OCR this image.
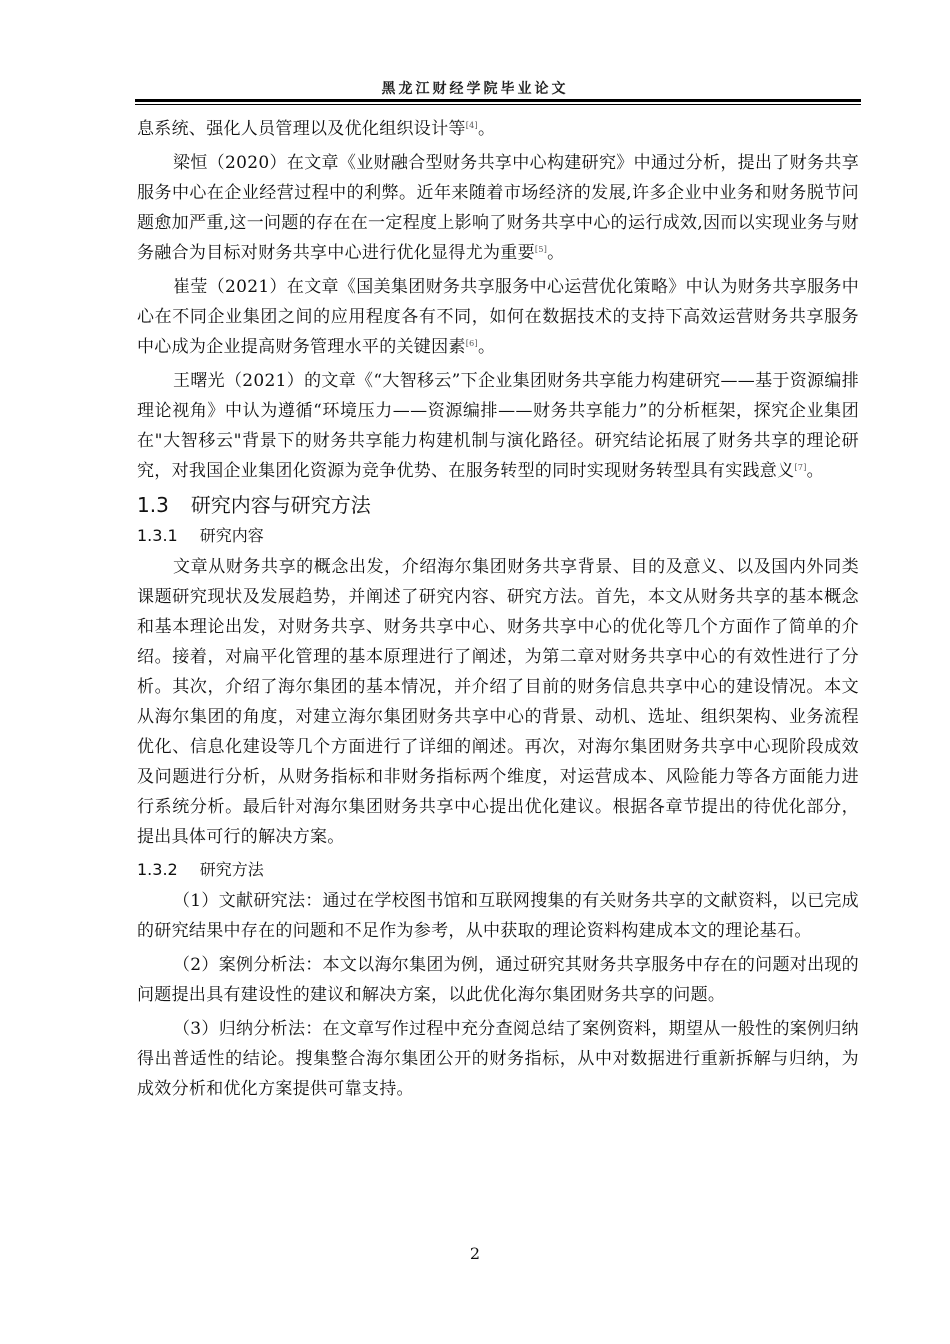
黑龙江财经学院毕业论文

息系统、强化人员管理以及优化组织设计等[4]。

梁恒（2020）在文章《业财融合型财务共享中心构建研究》中通过分析，提出了财务共享服务中心在企业经营过程中的利弊。近年来随着市场经济的发展,许多企业中业务和财务脱节问题愈加严重,这一问题的存在在一定程度上影响了财务共享中心的运行成效,因而以实现业务与财务融合为目标对财务共享中心进行优化显得尤为重要[5]。

崔莹（2021）在文章《国美集团财务共享服务中心运营优化策略》中认为财务共享服务中心在不同企业集团之间的应用程度各有不同，如何在数据技术的支持下高效运营财务共享服务中心成为企业提高财务管理水平的关键因素[6]。

王曙光（2021）的文章《“大智移云”下企业集团财务共享能力构建研究——基于资源编排理论视角》中认为遵循“环境压力——资源编排——财务共享能力”的分析框架，探究企业集团在"大智移云"背景下的财务共享能力构建机制与演化路径。研究结论拓展了财务共享的理论研究，对我国企业集团化资源为竞争优势、在服务转型的同时实现财务转型具有实践意义[7]。

1.3 研究内容与研究方法
1.3.1 研究内容

文章从财务共享的概念出发，介绍海尔集团财务共享背景、目的及意义、以及国内外同类课题研究现状及发展趋势，并阐述了研究内容、研究方法。首先，本文从财务共享的基本概念和基本理论出发，对财务共享、财务共享中心、财务共享中心的优化等几个方面作了简单的介绍。接着，对扁平化管理的基本原理进行了阐述，为第二章对财务共享中心的有效性进行了分析。其次，介绍了海尔集团的基本情况，并介绍了目前的财务信息共享中心的建设情况。本文从海尔集团的角度，对建立海尔集团财务共享中心的背景、动机、选址、组织架构、业务流程优化、信息化建设等几个方面进行了详细的阐述。再次，对海尔集团财务共享中心现阶段成效及问题进行分析，从财务指标和非财务指标两个维度，对运营成本、风险能力等各方面能力进行系统分析。最后针对海尔集团财务共享中心提出优化建议。根据各章节提出的待优化部分，提出具体可行的解决方案。

1.3.2 研究方法

（1）文献研究法：通过在学校图书馆和互联网搜集的有关财务共享的文献资料，以已完成的研究结果中存在的问题和不足作为参考，从中获取的理论资料构建成本文的理论基石。

（2）案例分析法：本文以海尔集团为例，通过研究其财务共享服务中存在的问题对出现的问题提出具有建设性的建议和解决方案，以此优化海尔集团财务共享的问题。

（3）归纳分析法：在文章写作过程中充分查阅总结了案例资料，期望从一般性的案例归纳得出普适性的结论。搜集整合海尔集团公开的财务指标，从中对数据进行重新拆解与归纳，为成效分析和优化方案提供可靠支持。

2
